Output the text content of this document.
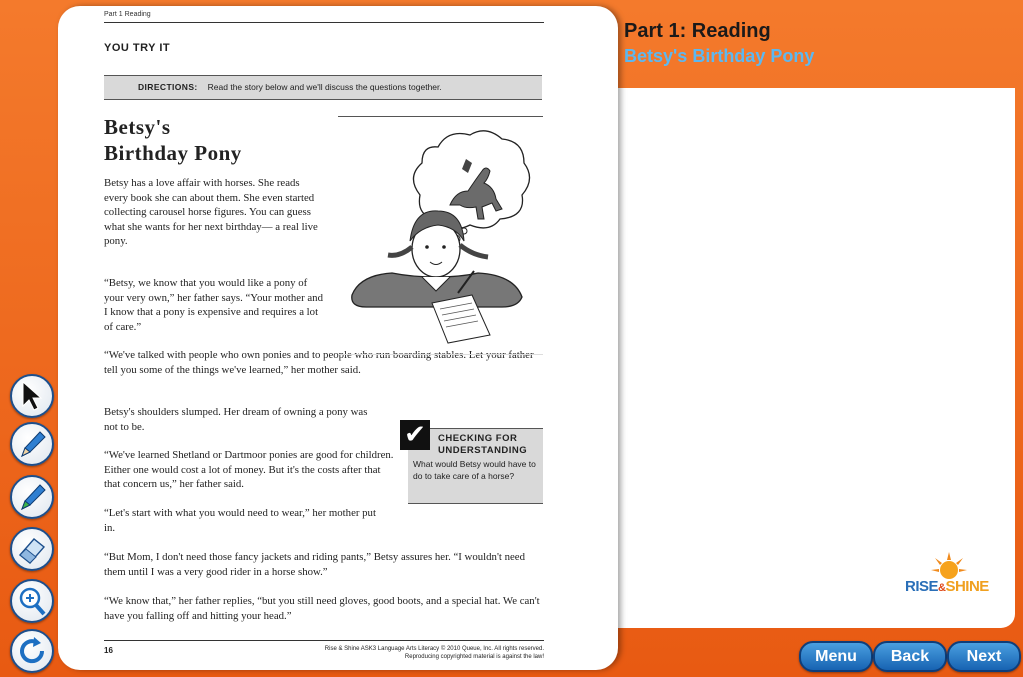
Part 1: Reading
Betsy's Birthday Pony
Part 1 Reading
YOU TRY IT
DIRECTIONS: Read the story below and we'll discuss the questions together.
Betsy's
Birthday Pony

Betsy has a love affair with horses. She reads every book she can about them. She even started collecting carousel horse figures. You can guess what she wants for her next birthday— a real live pony.

“Betsy, we know that you would like a pony of your very own,” her father says. “Your mother and I know that a pony is expensive and requires a lot of care.”

“We've talked with people who own ponies and to people who run boarding stables. Let your father tell you some of the things we've learned,” her mother said.

Betsy's shoulders slumped. Her dream of owning a pony was not to be.

“We've learned Shetland or Dartmoor ponies are good for children. Either one would cost a lot of money. But it's the costs after that that concern us,” her father said.

“Let's start with what you would need to wear,” her mother put in.

“But Mom, I don't need those fancy jackets and riding pants,” Betsy assures her. “I wouldn't need them until I was a very good rider in a horse show.”

“We know that,” her father replies, “but you still need gloves, good boots, and a special hat. We can't have you falling off and hitting your head.”

✔	CHECKING FOR
UNDERSTANDING
What would Betsy would have to do to take care of a horse?
16	Rise & Shine ASK3 Language Arts Literacy © 2010 Queue, Inc. All rights reserved.
Reproducing copyrighted material is against the law!
RISE&SHINE
Menu	Back	Next
